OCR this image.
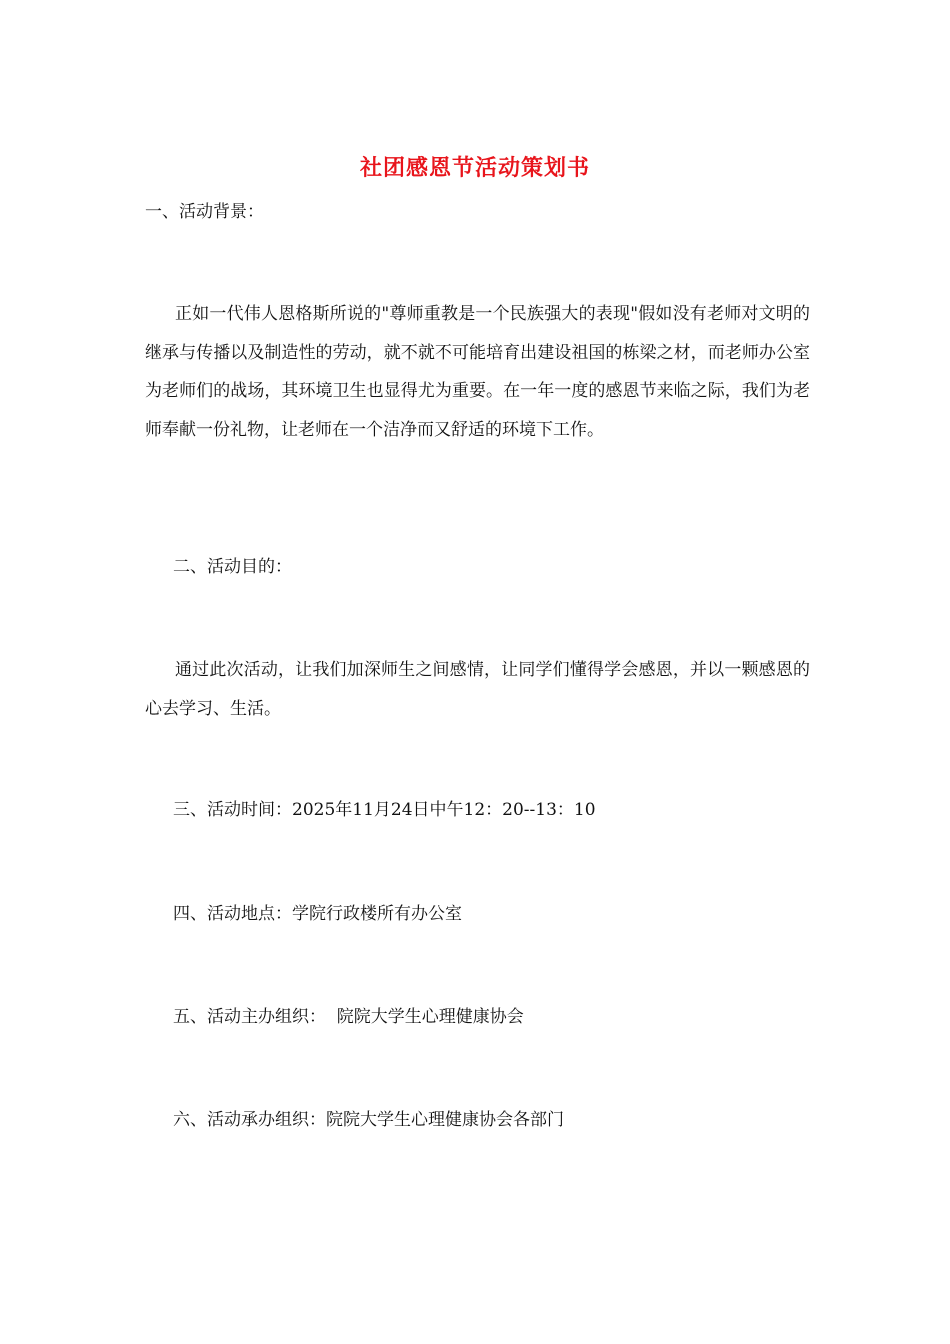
社团感恩节活动策划书
一、活动背景：
正如一代伟人恩格斯所说的"尊师重教是一个民族强大的表现"假如没有老师对文明的继承与传播以及制造性的劳动，就不就不可能培育出建设祖国的栋梁之材，而老师办公室为老师们的战场，其环境卫生也显得尤为重要。在一年一度的感恩节来临之际，我们为老师奉献一份礼物，让老师在一个洁净而又舒适的环境下工作。
二、活动目的：
通过此次活动，让我们加深师生之间感情，让同学们懂得学会感恩，并以一颗感恩的心去学习、生活。
三、活动时间：2025年11月24日中午12：20--13：10
四、活动地点：学院行政楼所有办公室
五、活动主办组织：  院院大学生心理健康协会
六、活动承办组织：院院大学生心理健康协会各部门
